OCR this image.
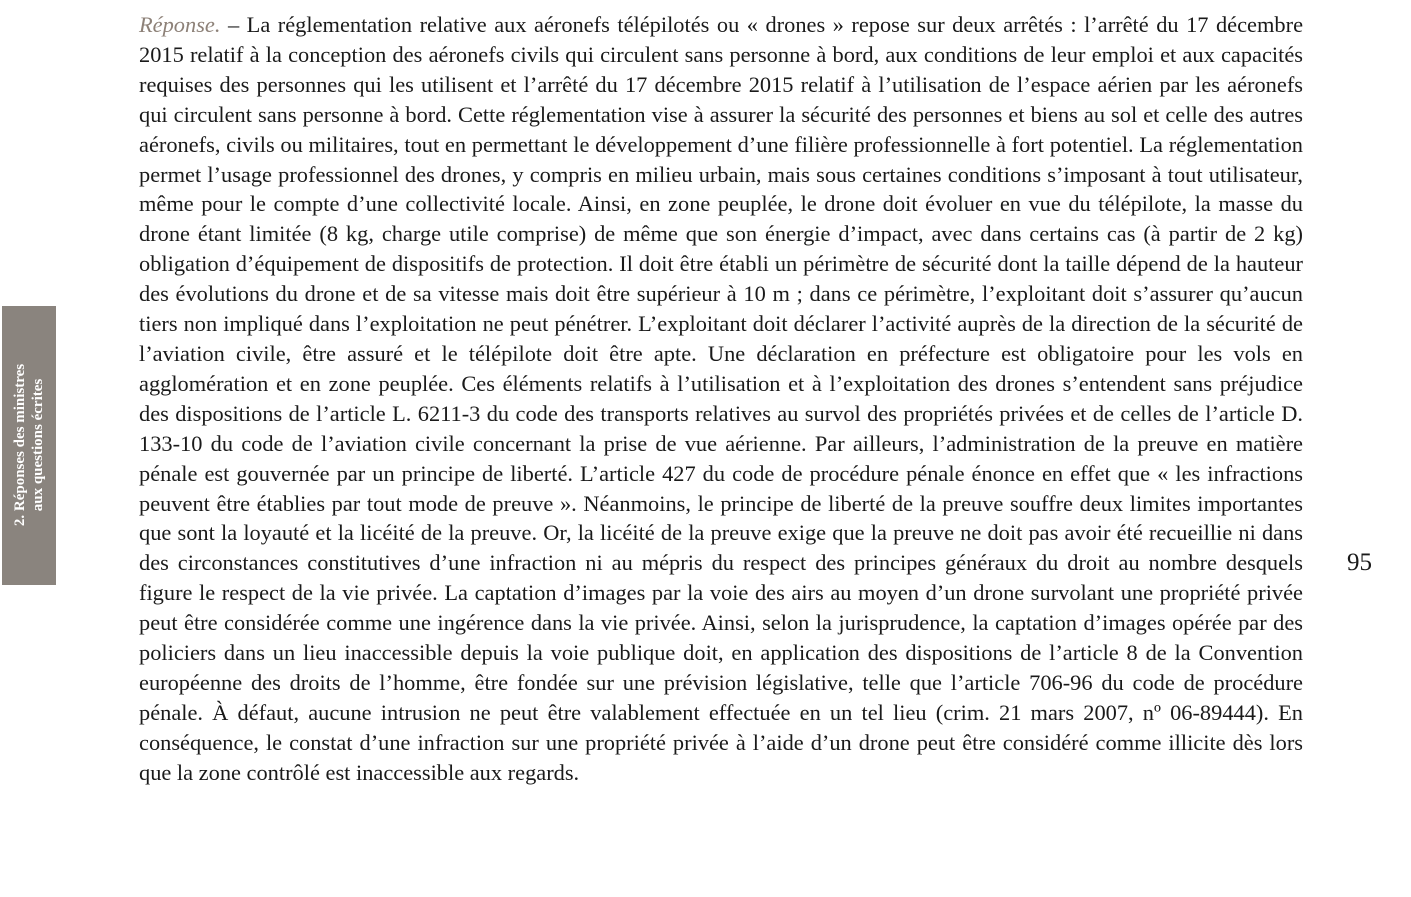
2. Réponses des ministres aux questions écrites

Réponse. – La réglementation relative aux aéronefs télépilotés ou « drones » repose sur deux arrêtés : l’arrêté du 17 décembre 2015 relatif à la conception des aéronefs civils qui circulent sans personne à bord, aux conditions de leur emploi et aux capacités requises des personnes qui les utilisent et l’arrêté du 17 décembre 2015 relatif à l’utilisation de l’espace aérien par les aéronefs qui circulent sans personne à bord. Cette réglementation vise à assurer la sécurité des personnes et biens au sol et celle des autres aéronefs, civils ou militaires, tout en permettant le développement d’une filière professionnelle à fort potentiel. La réglementation permet l’usage professionnel des drones, y compris en milieu urbain, mais sous certaines conditions s’imposant à tout utilisateur, même pour le compte d’une collectivité locale. Ainsi, en zone peuplée, le drone doit évoluer en vue du télépilote, la masse du drone étant limitée (8 kg, charge utile comprise) de même que son énergie d’impact, avec dans certains cas (à partir de 2 kg) obligation d’équipement de dispositifs de protection. Il doit être établi un périmètre de sécurité dont la taille dépend de la hauteur des évolutions du drone et de sa vitesse mais doit être supérieur à 10 m ; dans ce périmètre, l’exploitant doit s’assurer qu’aucun tiers non impliqué dans l’exploitation ne peut pénétrer. L’exploitant doit déclarer l’activité auprès de la direction de la sécurité de l’aviation civile, être assuré et le télépilote doit être apte. Une déclaration en préfecture est obligatoire pour les vols en agglomération et en zone peuplée. Ces éléments relatifs à l’utilisation et à l’exploitation des drones s’entendent sans préjudice des dispositions de l’article L. 6211-3 du code des transports relatives au survol des propriétés privées et de celles de l’article D. 133-10 du code de l’aviation civile concernant la prise de vue aérienne. Par ailleurs, l’administration de la preuve en matière pénale est gouvernée par un principe de liberté. L’article 427 du code de procédure pénale énonce en effet que « les infractions peuvent être établies par tout mode de preuve ». Néanmoins, le principe de liberté de la preuve souffre deux limites importantes que sont la loyauté et la licéité de la preuve. Or, la licéité de la preuve exige que la preuve ne doit pas avoir été recueillie ni dans des circonstances constitutives d’une infraction ni au mépris du respect des principes généraux du droit au nombre desquels figure le respect de la vie privée. La captation d’images par la voie des airs au moyen d’un drone survolant une propriété privée peut être considérée comme une ingérence dans la vie privée. Ainsi, selon la jurisprudence, la captation d’images opérée par des policiers dans un lieu inaccessible depuis la voie publique doit, en application des dispositions de l’article 8 de la Convention européenne des droits de l’homme, être fondée sur une prévision législative, telle que l’article 706-96 du code de procédure pénale. À défaut, aucune intrusion ne peut être valablement effectuée en un tel lieu (crim. 21 mars 2007, nº 06-89444). En conséquence, le constat d’une infraction sur une propriété privée à l’aide d’un drone peut être considéré comme illicite dès lors que la zone contrôlé est inaccessible aux regards.

95
